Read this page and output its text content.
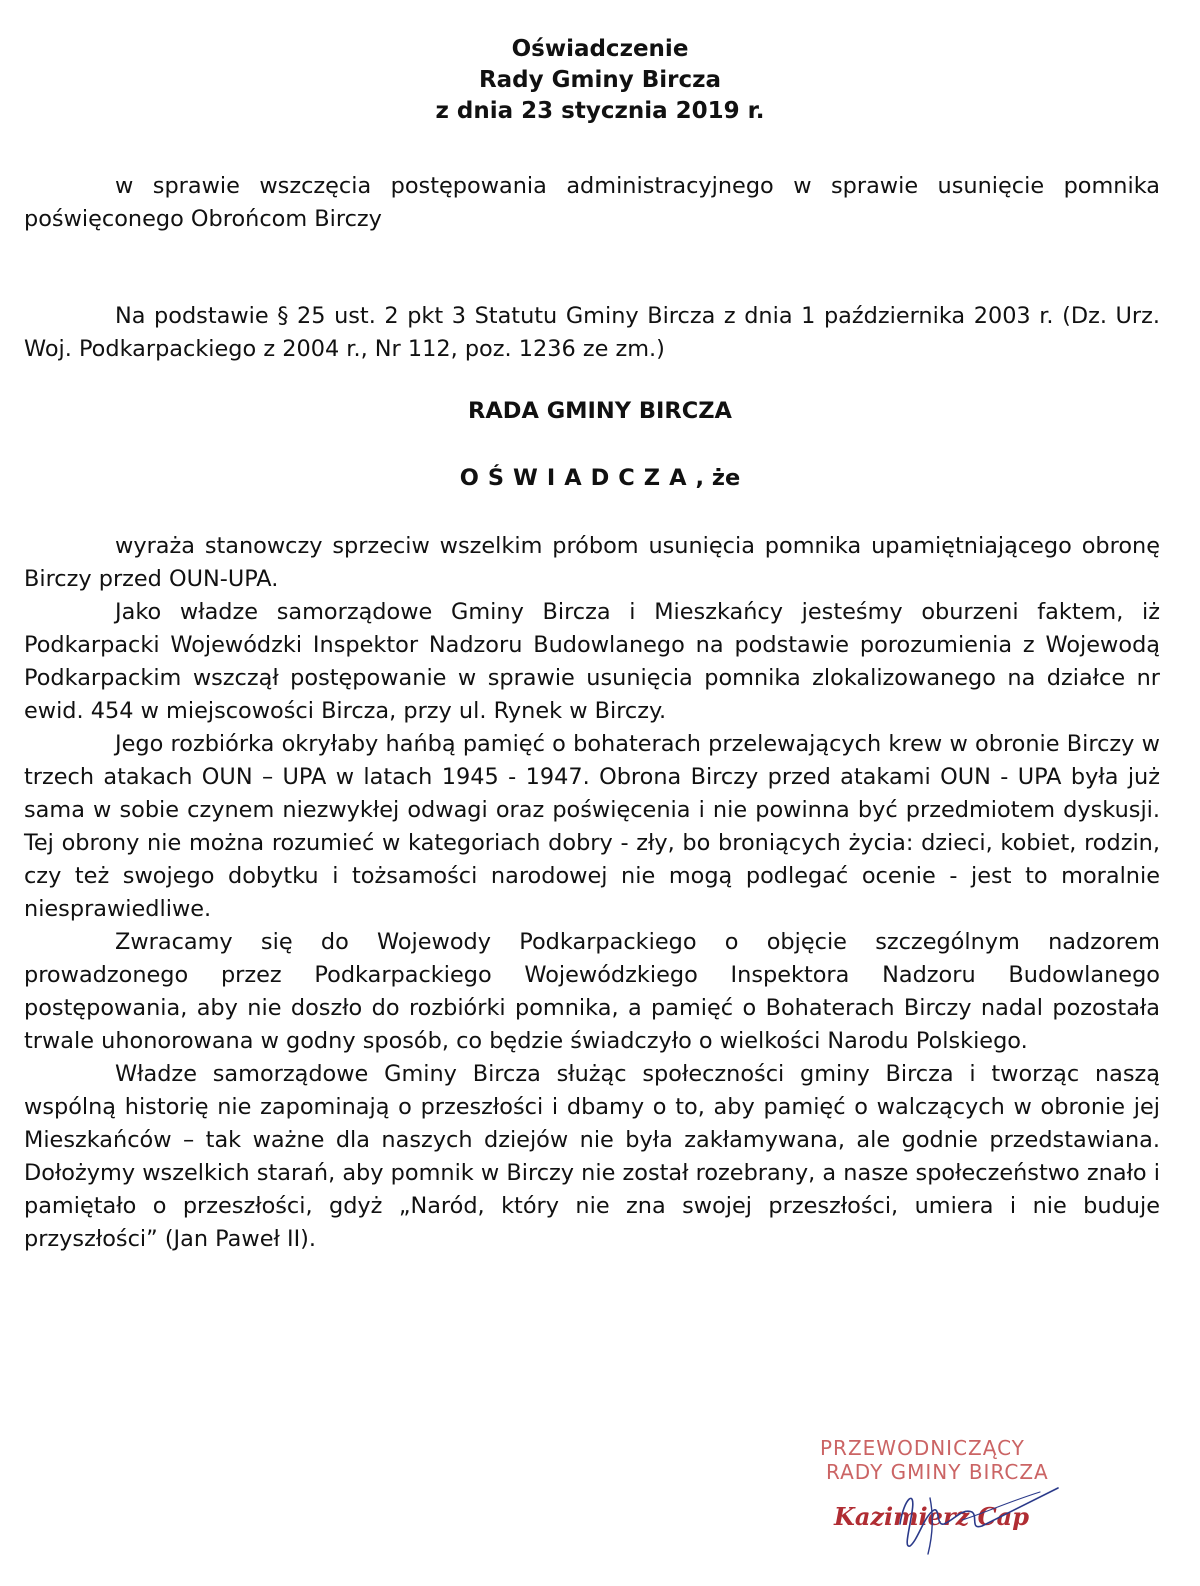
Oświadczenie
Rady Gminy Bircza
z dnia 23 stycznia 2019 r.
w sprawie wszczęcia postępowania administracyjnego w sprawie usunięcie pomnika poświęconego Obrońcom Birczy
Na podstawie § 25 ust. 2 pkt 3 Statutu Gminy Bircza z dnia 1 października 2003 r. (Dz. Urz. Woj. Podkarpackiego z 2004 r., Nr 112, poz. 1236 ze zm.)
RADA GMINY BIRCZA
OŚWIADCZA, że

wyraża stanowczy sprzeciw wszelkim próbom usunięcia pomnika upamiętniającego obronę Birczy przed OUN-UPA.

Jako władze samorządowe Gminy Bircza i Mieszkańcy jesteśmy oburzeni faktem, iż Podkarpacki Wojewódzki Inspektor Nadzoru Budowlanego na podstawie porozumienia z Wojewodą Podkarpackim wszczął postępowanie w sprawie usunięcia pomnika zlokalizowanego na działce nr ewid. 454 w miejscowości Bircza, przy ul. Rynek w Birczy.

Jego rozbiórka okryłaby hańbą pamięć o bohaterach przelewających krew w obronie Birczy w trzech atakach OUN – UPA w latach 1945 - 1947. Obrona Birczy przed atakami OUN - UPA była już sama w sobie czynem niezwykłej odwagi oraz poświęcenia i nie powinna być przedmiotem dyskusji. Tej obrony nie można rozumieć w kategoriach dobry - zły, bo broniących życia: dzieci, kobiet, rodzin, czy też swojego dobytku i tożsamości narodowej nie mogą podlegać ocenie - jest to moralnie niesprawiedliwe.

Zwracamy się do Wojewody Podkarpackiego o objęcie szczególnym nadzorem prowadzonego przez Podkarpackiego Wojewódzkiego Inspektora Nadzoru Budowlanego postępowania, aby nie doszło do rozbiórki pomnika, a pamięć o Bohaterach Birczy nadal pozostała trwale uhonorowana w godny sposób, co będzie świadczyło o wielkości Narodu Polskiego.

Władze samorządowe Gminy Bircza służąc społeczności gminy Bircza i tworząc naszą wspólną historię nie zapominają o przeszłości i dbamy o to, aby pamięć o walczących w obronie jej Mieszkańców – tak ważne dla naszych dziejów nie była zakłamywana, ale godnie przedstawiana. Dołożymy wszelkich starań, aby pomnik w Birczy nie został rozebrany, a nasze społeczeństwo znało i pamiętało o przeszłości, gdyż „Naród, który nie zna swojej przeszłości, umiera i nie buduje przyszłości” (Jan Paweł II).

PRZEWODNICZĄCY
RADY GMINY BIRCZA
Kazimierz Cap
